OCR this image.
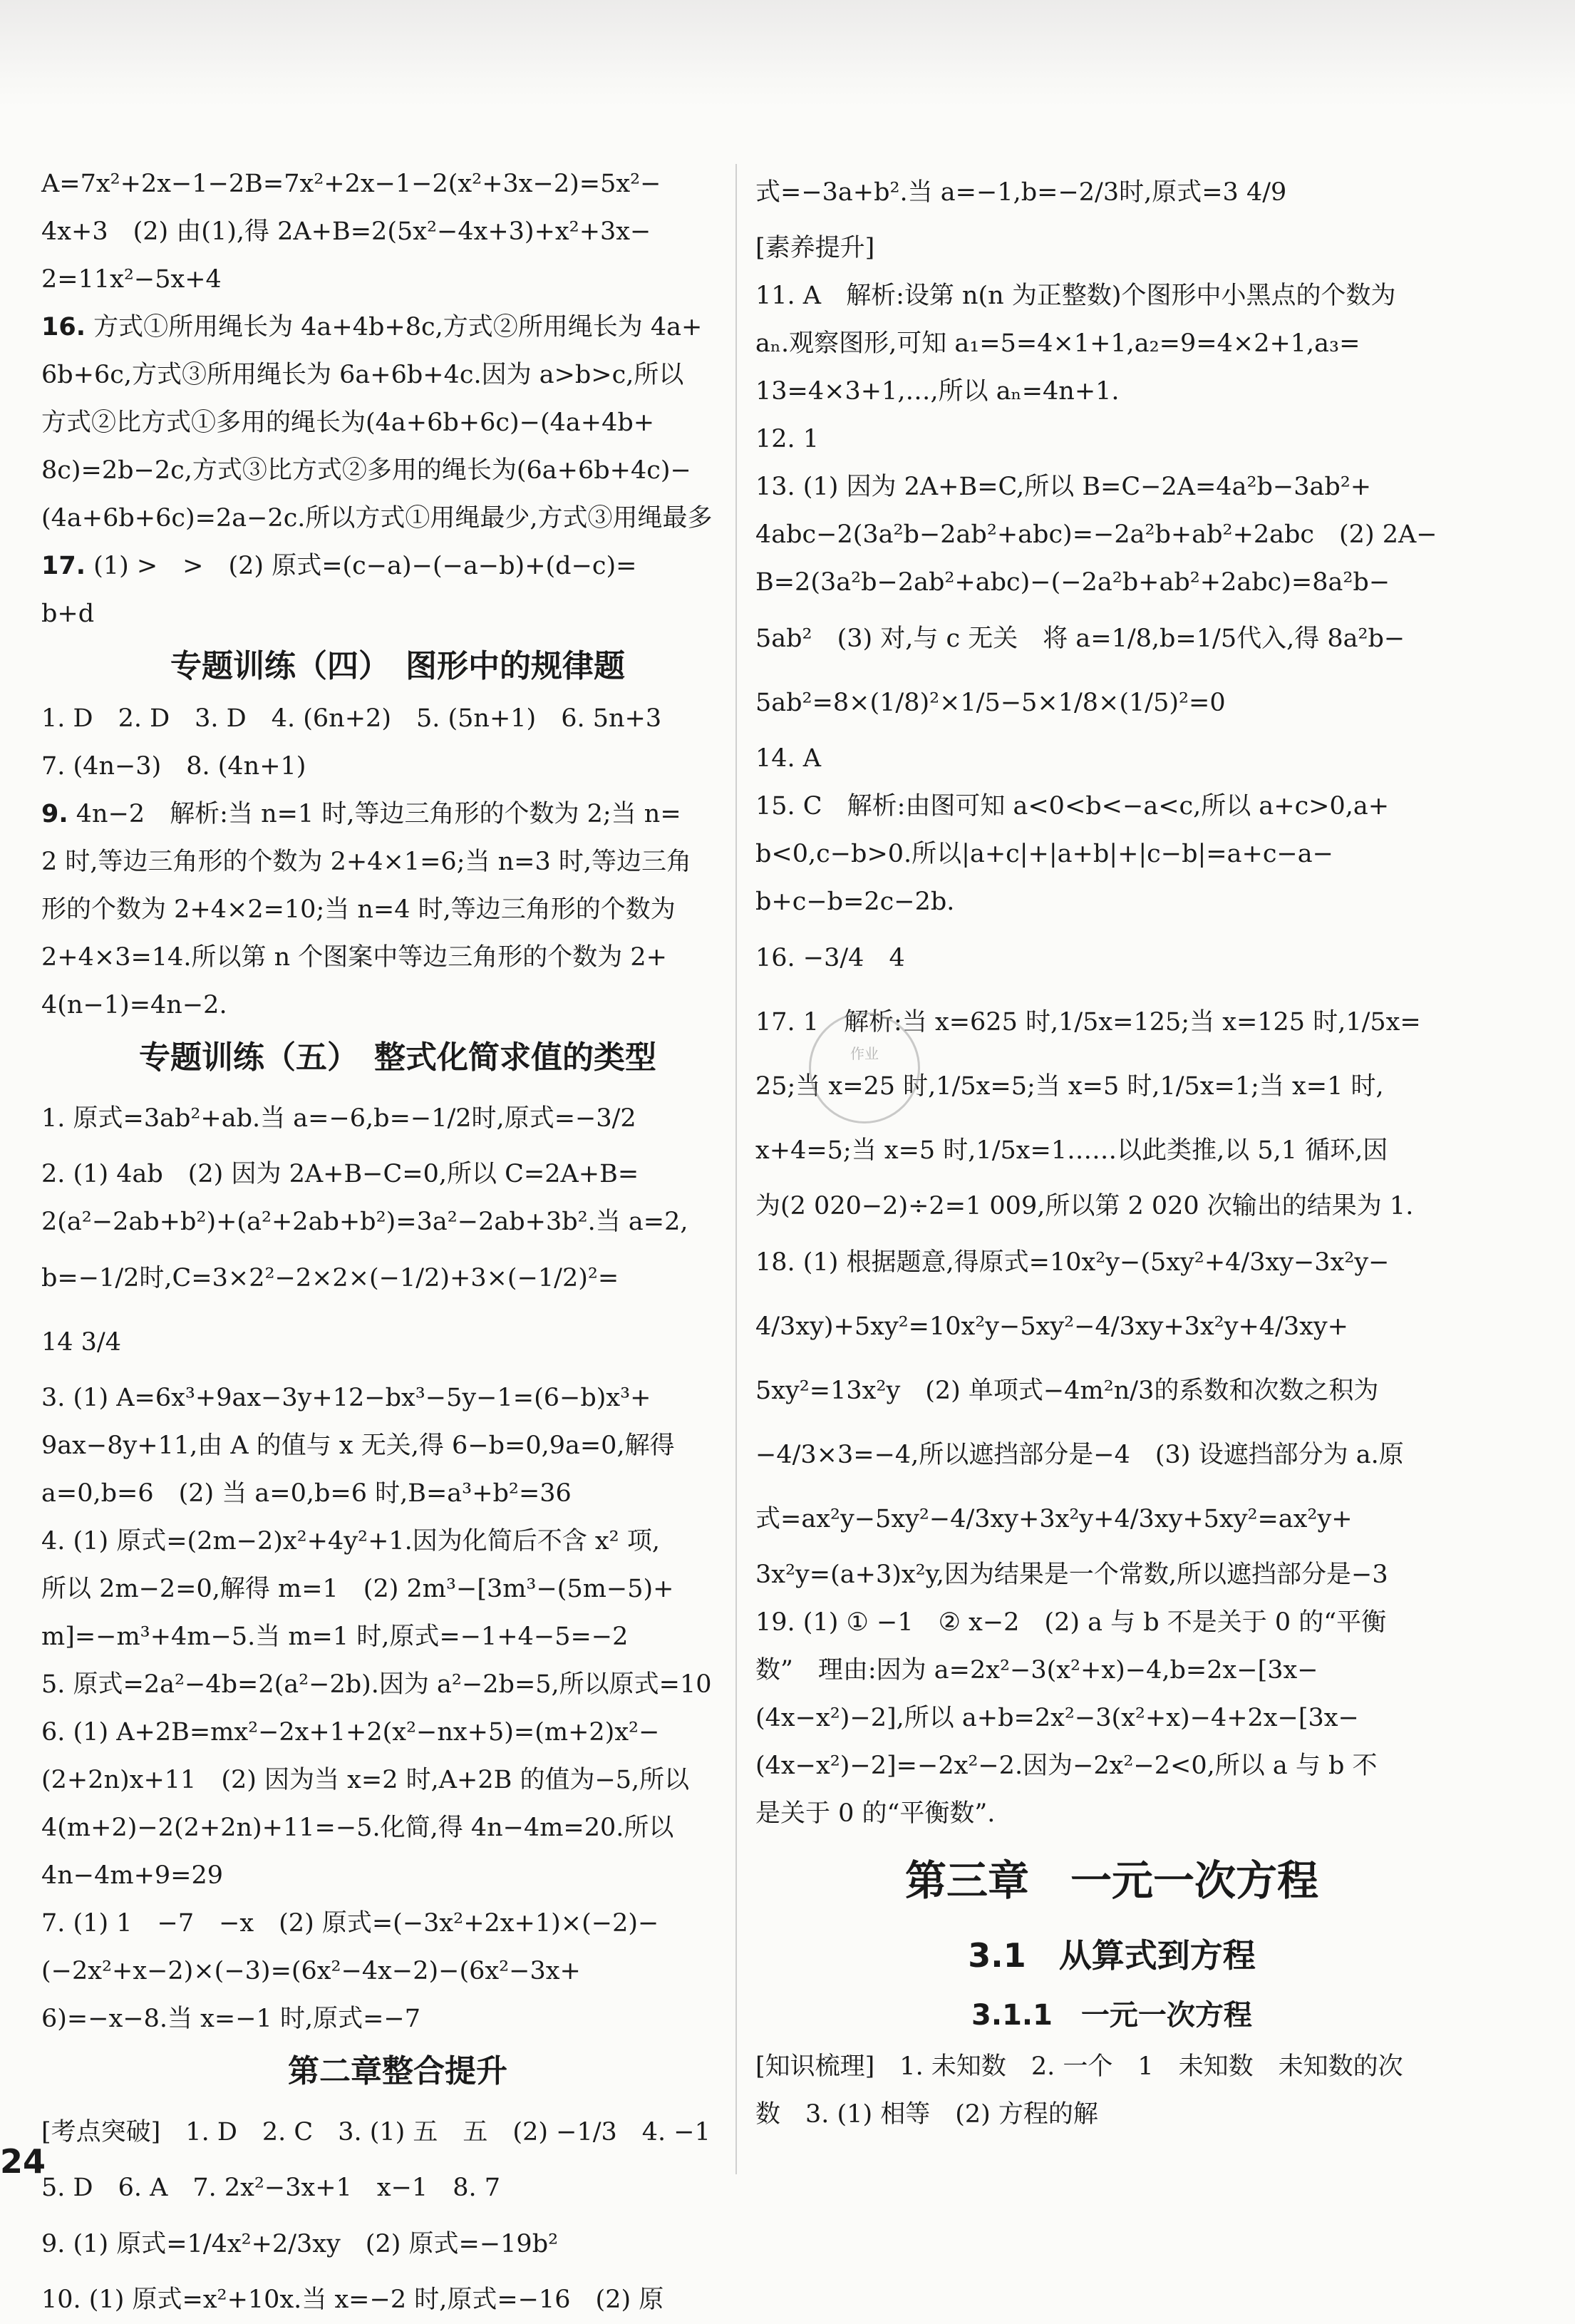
A=7x²+2x−1−2B=7x²+2x−1−2(x²+3x−2)=5x²−
4x+3　(2) 由(1),得 2A+B=2(5x²−4x+3)+x²+3x−
2=11x²−5x+4
16. 方式①所用绳长为 4a+4b+8c,方式②所用绳长为 4a+
6b+6c,方式③所用绳长为 6a+6b+4c.因为 a>b>c,所以
方式②比方式①多用的绳长为(4a+6b+6c)−(4a+4b+
8c)=2b−2c,方式③比方式②多用的绳长为(6a+6b+4c)−
(4a+6b+6c)=2a−2c.所以方式①用绳最少,方式③用绳最多
17. (1) >　>　(2) 原式=(c−a)−(−a−b)+(d−c)=
b+d
专题训练（四）　图形中的规律题
1. D　2. D　3. D　4. (6n+2)　5. (5n+1)　6. 5n+3
7. (4n−3)　8. (4n+1)
9. 4n−2　解析:当 n=1 时,等边三角形的个数为 2;当 n=
2 时,等边三角形的个数为 2+4×1=6;当 n=3 时,等边三角
形的个数为 2+4×2=10;当 n=4 时,等边三角形的个数为
2+4×3=14.所以第 n 个图案中等边三角形的个数为 2+
4(n−1)=4n−2.
专题训练（五）　整式化简求值的类型
1. 原式=3ab²+ab.当 a=−6,b=−1/2时,原式=−3/2
2. (1) 4ab　(2) 因为 2A+B−C=0,所以 C=2A+B=
2(a²−2ab+b²)+(a²+2ab+b²)=3a²−2ab+3b².当 a=2,
b=−1/2时,C=3×2²−2×2×(−1/2)+3×(−1/2)²=
14 3/4
3. (1) A=6x³+9ax−3y+12−bx³−5y−1=(6−b)x³+
9ax−8y+11,由 A 的值与 x 无关,得 6−b=0,9a=0,解得
a=0,b=6　(2) 当 a=0,b=6 时,B=a³+b²=36
4. (1) 原式=(2m−2)x²+4y²+1.因为化简后不含 x² 项,
所以 2m−2=0,解得 m=1　(2) 2m³−[3m³−(5m−5)+
m]=−m³+4m−5.当 m=1 时,原式=−1+4−5=−2
5. 原式=2a²−4b=2(a²−2b).因为 a²−2b=5,所以原式=10
6. (1) A+2B=mx²−2x+1+2(x²−nx+5)=(m+2)x²−
(2+2n)x+11　(2) 因为当 x=2 时,A+2B 的值为−5,所以
4(m+2)−2(2+2n)+11=−5.化简,得 4n−4m=20.所以
4n−4m+9=29
7. (1) 1　−7　−x　(2) 原式=(−3x²+2x+1)×(−2)−
(−2x²+x−2)×(−3)=(6x²−4x−2)−(6x²−3x+
6)=−x−8.当 x=−1 时,原式=−7
第二章整合提升
[考点突破]　1. D　2. C　3. (1) 五　五　(2) −1/3　4. −1
5. D　6. A　7. 2x²−3x+1　x−1　8. 7
9. (1) 原式=1/4x²+2/3xy　(2) 原式=−19b²
10. (1) 原式=x²+10x.当 x=−2 时,原式=−16　(2) 原
式=−3a+b².当 a=−1,b=−2/3时,原式=3 4/9
[素养提升]
11. A　解析:设第 n(n 为正整数)个图形中小黑点的个数为
aₙ.观察图形,可知 a₁=5=4×1+1,a₂=9=4×2+1,a₃=
13=4×3+1,…,所以 aₙ=4n+1.
12. 1
13. (1) 因为 2A+B=C,所以 B=C−2A=4a²b−3ab²+
4abc−2(3a²b−2ab²+abc)=−2a²b+ab²+2abc　(2) 2A−
B=2(3a²b−2ab²+abc)−(−2a²b+ab²+2abc)=8a²b−
5ab²　(3) 对,与 c 无关　将 a=1/8,b=1/5代入,得 8a²b−
5ab²=8×(1/8)²×1/5−5×1/8×(1/5)²=0
14. A
15. C　解析:由图可知 a<0<b<−a<c,所以 a+c>0,a+
b<0,c−b>0.所以|a+c|+|a+b|+|c−b|=a+c−a−
b+c−b=2c−2b.
16. −3/4　4
17. 1　解析:当 x=625 时,1/5x=125;当 x=125 时,1/5x=
25;当 x=25 时,1/5x=5;当 x=5 时,1/5x=1;当 x=1 时,
x+4=5;当 x=5 时,1/5x=1……以此类推,以 5,1 循环,因
为(2 020−2)÷2=1 009,所以第 2 020 次输出的结果为 1.
18. (1) 根据题意,得原式=10x²y−(5xy²+4/3xy−3x²y−
4/3xy)+5xy²=10x²y−5xy²−4/3xy+3x²y+4/3xy+
5xy²=13x²y　(2) 单项式−4m²n/3的系数和次数之积为
−4/3×3=−4,所以遮挡部分是−4　(3) 设遮挡部分为 a.原
式=ax²y−5xy²−4/3xy+3x²y+4/3xy+5xy²=ax²y+
3x²y=(a+3)x²y,因为结果是一个常数,所以遮挡部分是−3
19. (1) ① −1　② x−2　(2) a 与 b 不是关于 0 的“平衡
数”　理由:因为 a=2x²−3(x²+x)−4,b=2x−[3x−
(4x−x²)−2],所以 a+b=2x²−3(x²+x)−4+2x−[3x−
(4x−x²)−2]=−2x²−2.因为−2x²−2<0,所以 a 与 b 不
是关于 0 的“平衡数”.
第三章　一元一次方程
3.1　从算式到方程
3.1.1　一元一次方程
[知识梳理]　1. 未知数　2. 一个　1　未知数　未知数的次
数　3. (1) 相等　(2) 方程的解
作业
24
